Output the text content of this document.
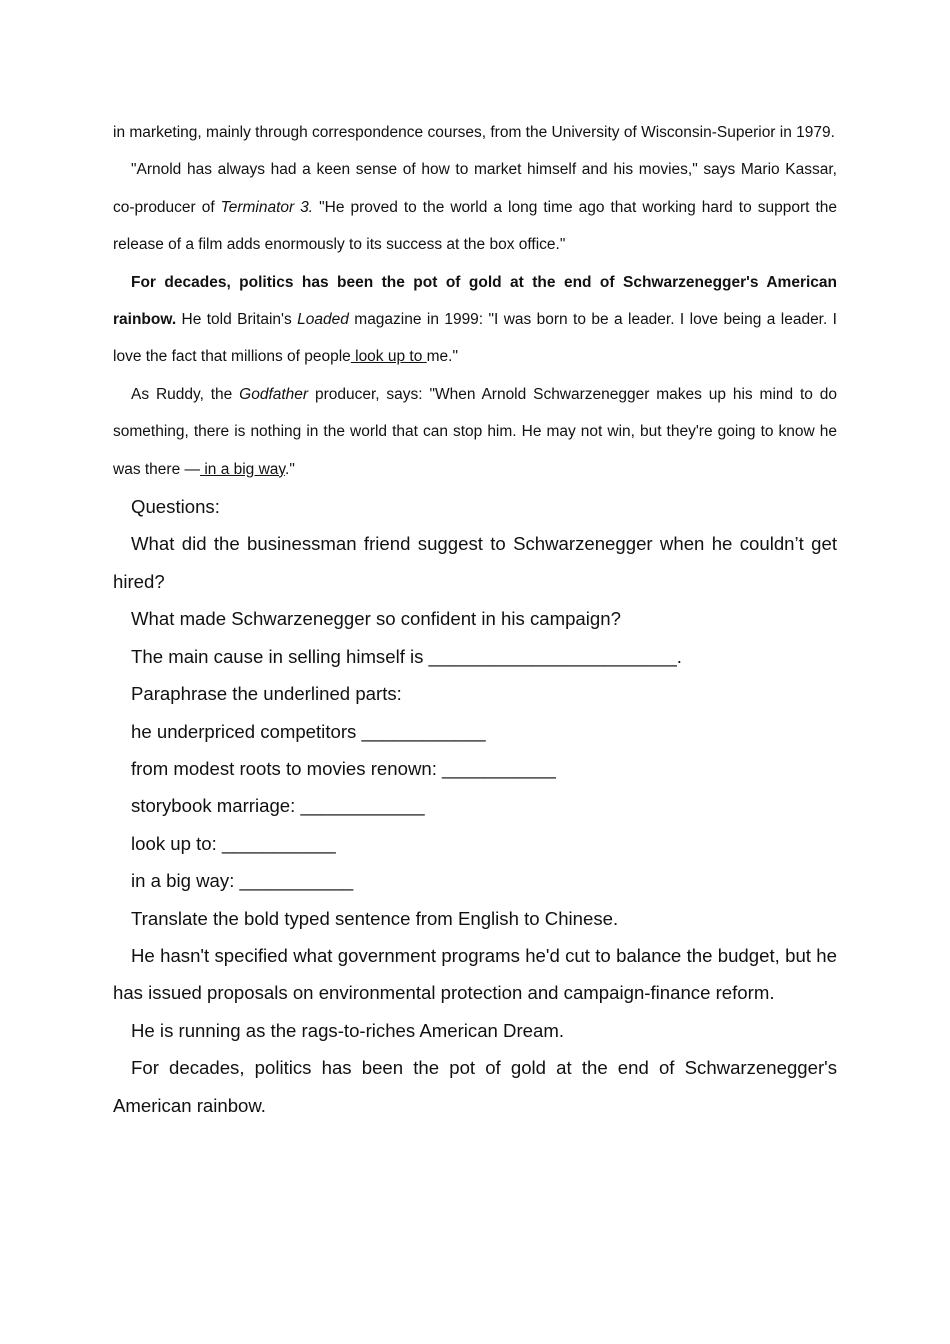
in marketing, mainly through correspondence courses, from the University of Wisconsin-Superior in 1979.

"Arnold has always had a keen sense of how to market himself and his movies," says Mario Kassar, co-producer of Terminator 3. "He proved to the world a long time ago that working hard to support the release of a film adds enormously to its success at the box office."

For decades, politics has been the pot of gold at the end of Schwarzenegger's American rainbow. He told Britain's Loaded magazine in 1999: "I was born to be a leader. I love being a leader. I love the fact that millions of people look up to me."

As Ruddy, the Godfather producer, says: "When Arnold Schwarzenegger makes up his mind to do something, there is nothing in the world that can stop him. He may not win, but they're going to know he was there — in a big way."

Questions:

What did the businessman friend suggest to Schwarzenegger when he couldn’t get hired?

What made Schwarzenegger so confident in his campaign?

The main cause in selling himself is ________________________.

Paraphrase the underlined parts:

he underpriced competitors ____________

from modest roots to movies renown: ___________

storybook marriage: ____________

look up to: ___________

in a big way: ___________

Translate the bold typed sentence from English to Chinese.

He hasn't specified what government programs he'd cut to balance the budget, but he has issued proposals on environmental protection and campaign-finance reform.

He is running as the rags-to-riches American Dream.

For decades, politics has been the pot of gold at the end of Schwarzenegger's American rainbow.
